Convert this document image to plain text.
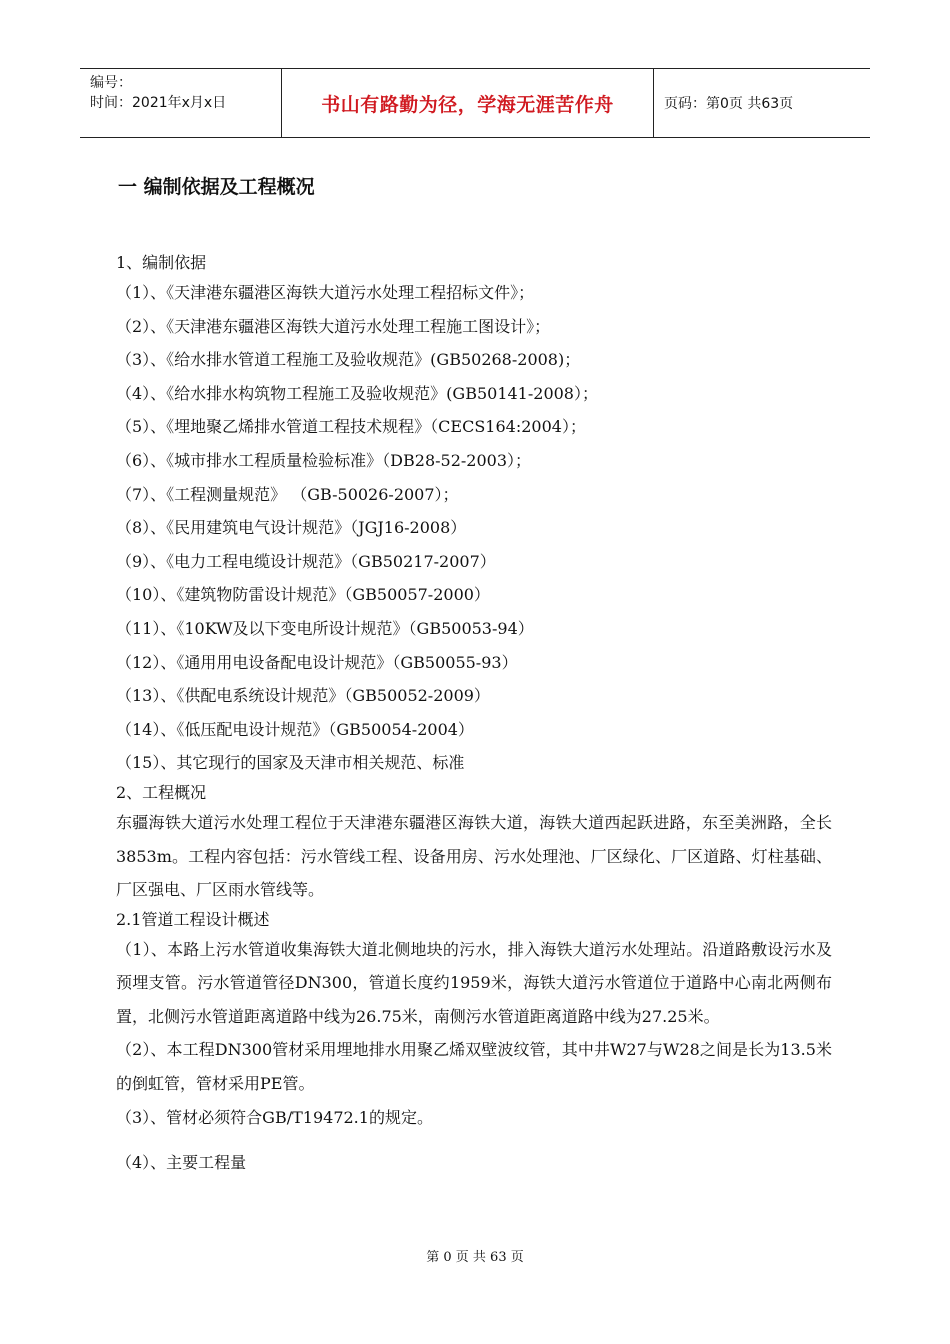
编号：
时间：2021年x月x日	书山有路勤为径，学海无涯苦作舟	页码：第0页 共63页
一 编制依据及工程概况

1、编制依据

（1）、《天津港东疆港区海铁大道污水处理工程招标文件》；

（2）、《天津港东疆港区海铁大道污水处理工程施工图设计》；

（3）、《给水排水管道工程施工及验收规范》(GB50268-2008)；

（4）、《给水排水构筑物工程施工及验收规范》(GB50141-2008）；

（5）、《埋地聚乙烯排水管道工程技术规程》（CECS164:2004）；

（6）、《城市排水工程质量检验标准》（DB28-52-2003）；

（7）、《工程测量规范》 （GB-50026-2007）；

（8）、《民用建筑电气设计规范》（JGJ16-2008）

（9）、《电力工程电缆设计规范》（GB50217-2007）

（10）、《建筑物防雷设计规范》（GB50057-2000）

（11）、《10KW及以下变电所设计规范》（GB50053-94）

（12）、《通用用电设备配电设计规范》（GB50055-93）

（13）、《供配电系统设计规范》（GB50052-2009）

（14）、《低压配电设计规范》（GB50054-2004）

（15）、其它现行的国家及天津市相关规范、标准

2、工程概况

东疆海铁大道污水处理工程位于天津港东疆港区海铁大道，海铁大道西起跃进路，东至美洲路，全长3853m。工程内容包括：污水管线工程、设备用房、污水处理池、厂区绿化、厂区道路、灯柱基础、厂区强电、厂区雨水管线等。

2.1管道工程设计概述

（1）、本路上污水管道收集海铁大道北侧地块的污水，排入海铁大道污水处理站。沿道路敷设污水及预埋支管。污水管道管径DN300，管道长度约1959米，海铁大道污水管道位于道路中心南北两侧布置，北侧污水管道距离道路中线为26.75米，南侧污水管道距离道路中线为27.25米。

（2）、本工程DN300管材采用埋地排水用聚乙烯双壁波纹管，其中井W27与W28之间是长为13.5米的倒虹管，管材采用PE管。

（3）、管材必须符合GB/T19472.1的规定。

（4）、主要工程量

第 0 页 共 63 页
